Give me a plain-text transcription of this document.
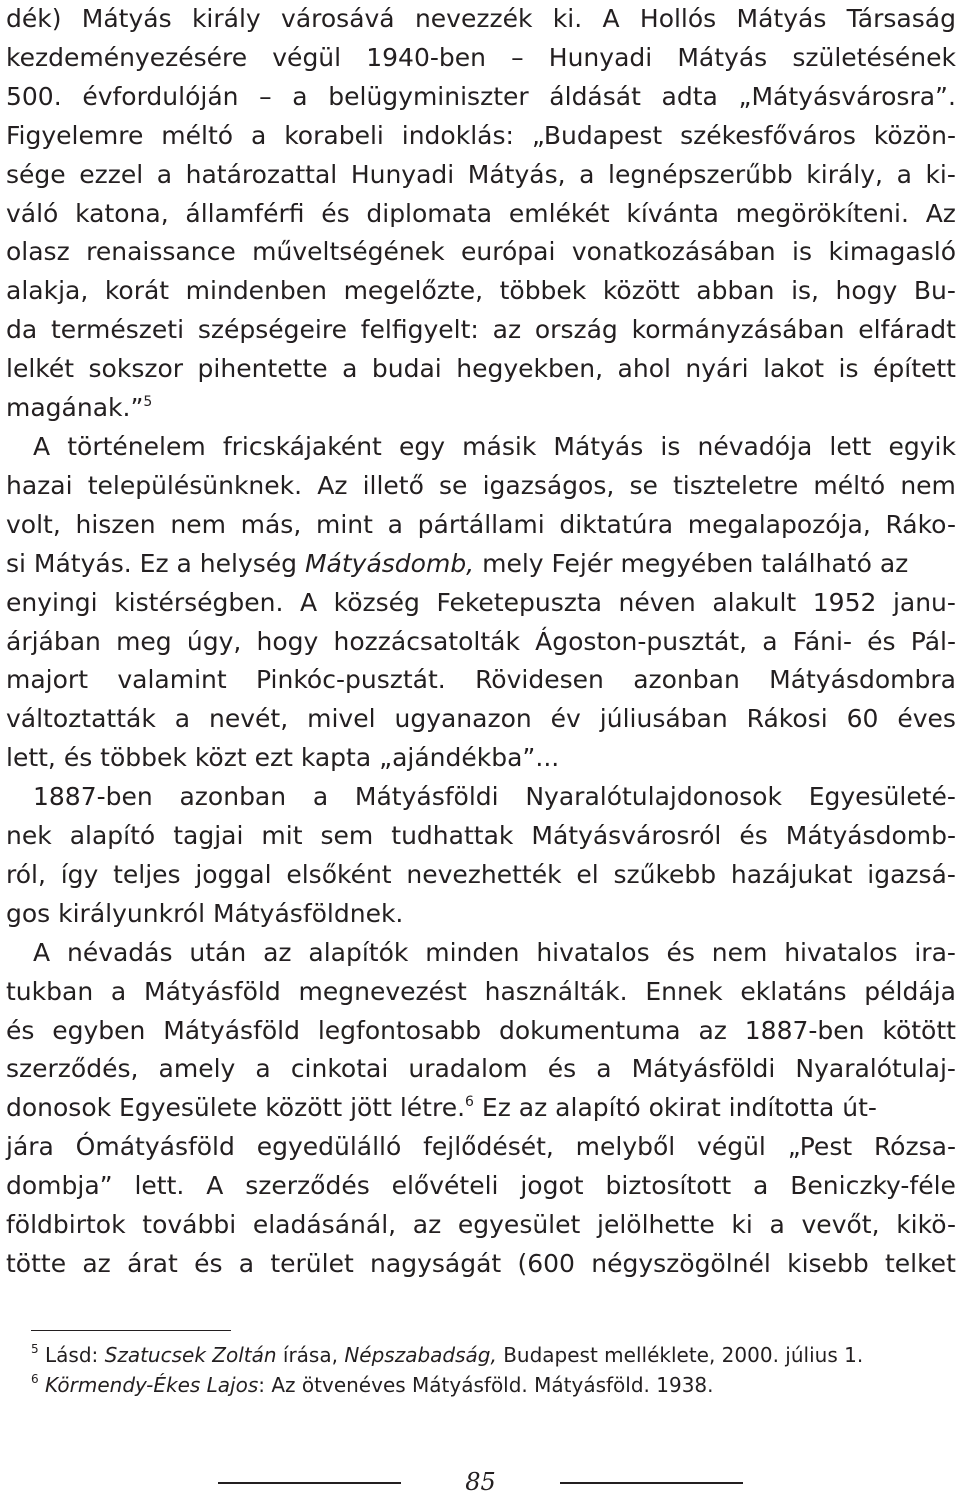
dék) Mátyás király városává nevezzék ki. A Hollós Mátyás Társaság
kezdeményezésére végül 1940-ben – Hunyadi Mátyás születésének
500. évfordulóján – a belügyminiszter áldását adta „Mátyásvárosra”.
Figyelemre méltó a korabeli indoklás: „Budapest székesfőváros közön-
sége ezzel a határozattal Hunyadi Mátyás, a legnépszerűbb király, a ki-
váló katona, államférfi és diplomata emlékét kívánta megörökíteni. Az
olasz renaissance műveltségének európai vonatkozásában is kimagasló
alakja, korát mindenben megelőzte, többek között abban is, hogy Bu-
da természeti szépségeire felfigyelt: az ország kormányzásában elfáradt
lelkét sokszor pihentette a budai hegyekben, ahol nyári lakot is épített
magának.”$^5$
A történelem fricskájaként egy másik Mátyás is névadója lett egyik
hazai településünknek. Az illető se igazságos, se tiszteletre méltó nem
volt, hiszen nem más, mint a pártállami diktatúra megalapozója, Ráko-
si Mátyás. Ez a helység Mátyásdomb, mely Fejér megyében található az
enyingi kistérségben. A község Feketepuszta néven alakult 1952 janu-
árjában meg úgy, hogy hozzácsatolták Ágoston-pusztát, a Fáni- és Pál-
majort valamint Pinkóc-pusztát. Rövidesen azonban Mátyásdombra
változtatták a nevét, mivel ugyanazon év júliusában Rákosi 60 éves
lett, és többek közt ezt kapta „ajándékba”...
1887-ben azonban a Mátyásföldi Nyaralótulajdonosok Egyesületé-
nek alapító tagjai mit sem tudhattak Mátyásvárosról és Mátyásdomb-
ról, így teljes joggal elsőként nevezhették el szűkebb hazájukat igazsá-
gos királyunkról Mátyásföldnek.
A névadás után az alapítók minden hivatalos és nem hivatalos ira-
tukban a Mátyásföld megnevezést használták. Ennek eklatáns példája
és egyben Mátyásföld legfontosabb dokumentuma az 1887-ben kötött
szerződés, amely a cinkotai uradalom és a Mátyásföldi Nyaralótulaj-
donosok Egyesülete között jött létre.$^6$ Ez az alapító okirat indította út-
jára Ómátyásföld egyedülálló fejlődését, melyből végül „Pest Rózsa-
dombja” lett. A szerződés elővételi jogot biztosított a Beniczky-féle
földbirtok további eladásánál, az egyesület jelölhette ki a vevőt, kikö-
tötte az árat és a terület nagyságát (600 négyszögölnél kisebb telket
$^5$ Lásd: Szatucsek Zoltán írása, Népszabadság, Budapest melléklete, 2000. július 1.
$^6$ Körmendy-Ékes Lajos: Az ötvenéves Mátyásföld. Mátyásföld. 1938.
85
